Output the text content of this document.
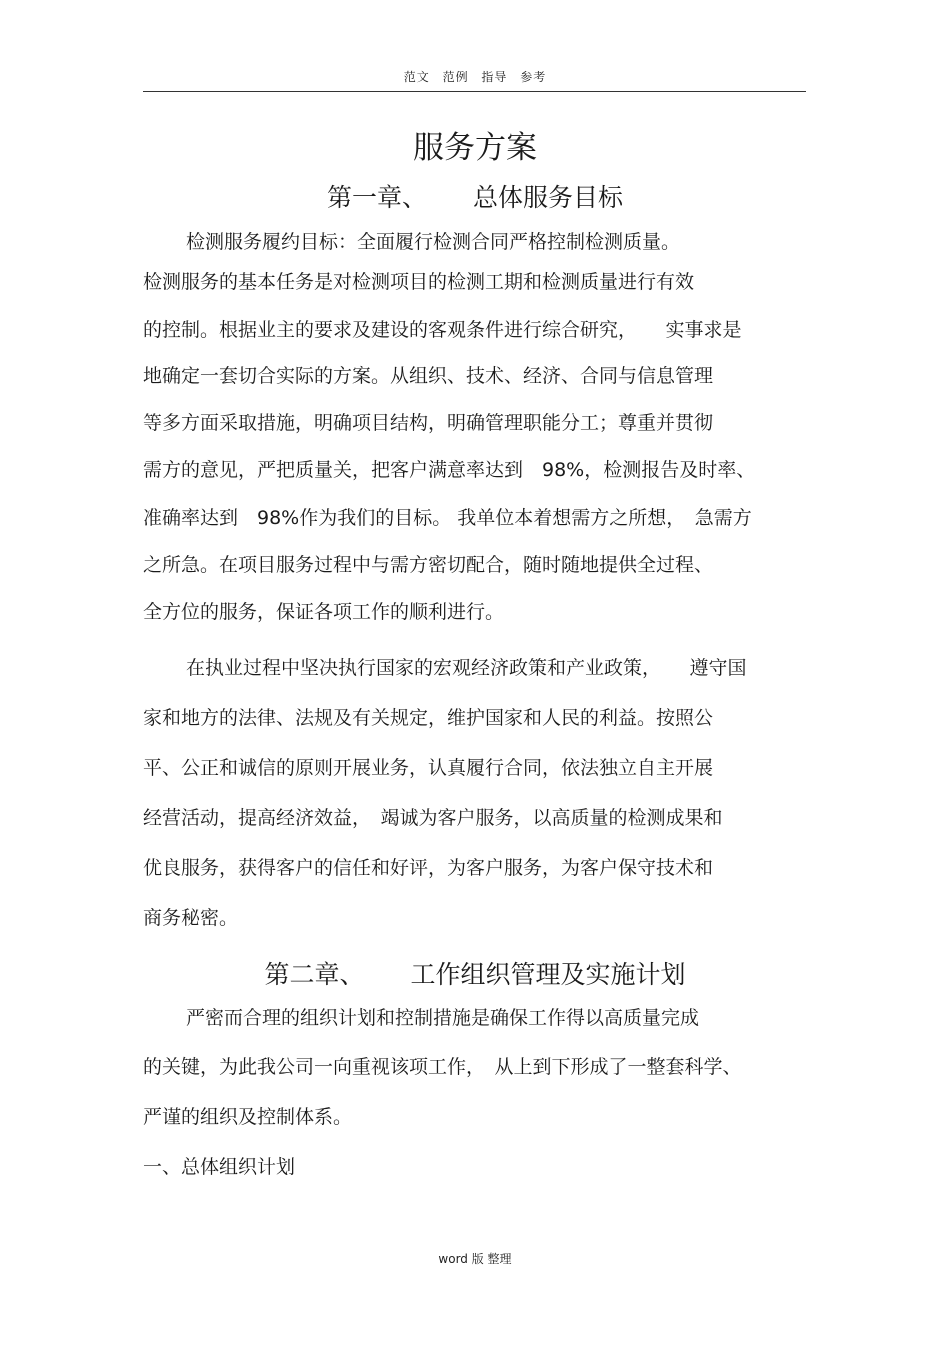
范文 范例 指导 参考
服务方案
第一章、 总体服务目标
检测服务履约目标：全面履行检测合同严格控制检测质量。
检测服务的基本任务是对检测项目的检测工期和检测质量进行有效
的控制。根据业主的要求及建设的客观条件进行综合研究，　　实事求是
地确定一套切合实际的方案。从组织、技术、经济、合同与信息管理
等多方面采取措施，明确项目结构，明确管理职能分工；尊重并贯彻
需方的意见，严把质量关，把客户满意率达到　98%，检测报告及时率、
准确率达到　98%作为我们的目标。 我单位本着想需方之所想，　急需方
之所急。在项目服务过程中与需方密切配合，随时随地提供全过程、
全方位的服务，保证各项工作的顺利进行。
在执业过程中坚决执行国家的宏观经济政策和产业政策，　　遵守国
家和地方的法律、法规及有关规定，维护国家和人民的利益。按照公
平、公正和诚信的原则开展业务，认真履行合同，依法独立自主开展
经营活动，提高经济效益，　竭诚为客户服务，以高质量的检测成果和
优良服务，获得客户的信任和好评，为客户服务，为客户保守技术和
商务秘密。
第二章、 工作组织管理及实施计划
严密而合理的组织计划和控制措施是确保工作得以高质量完成
的关键，为此我公司一向重视该项工作，　从上到下形成了一整套科学、
严谨的组织及控制体系。
一、总体组织计划
word 版 整理
